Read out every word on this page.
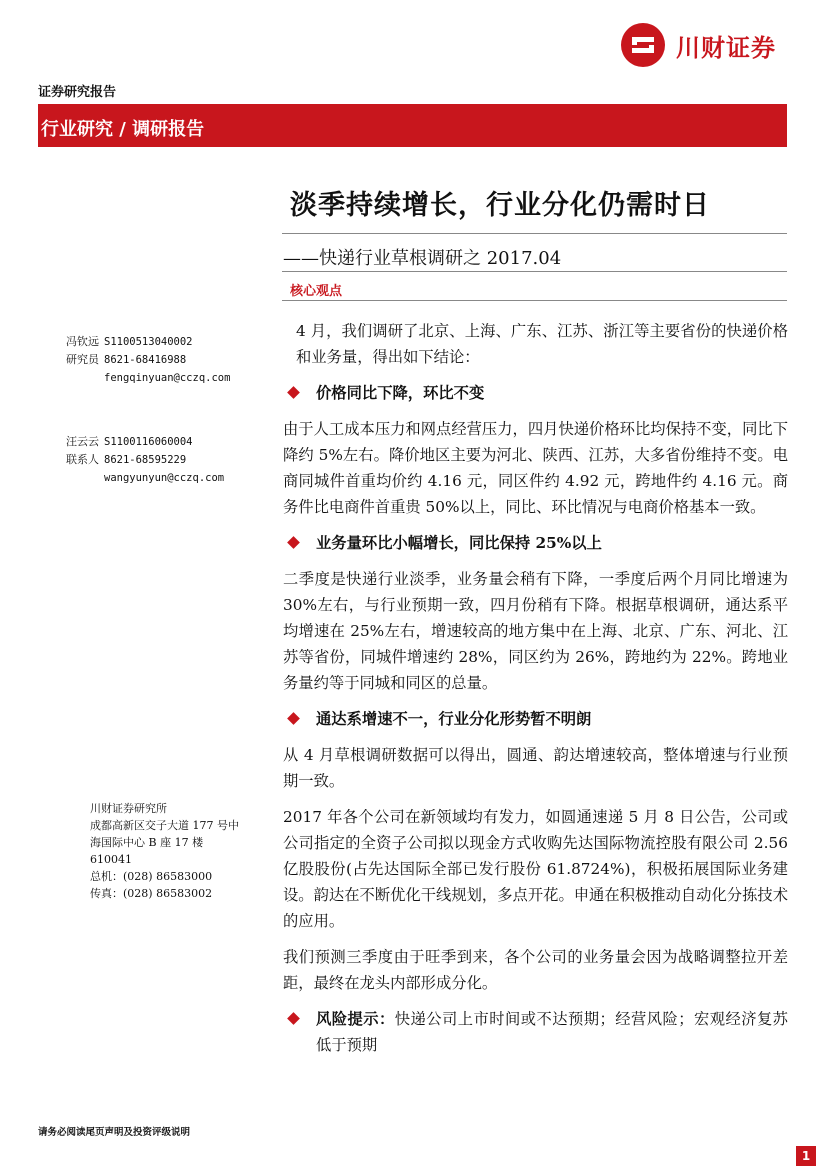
川财证券
证券研究报告
行业研究 / 调研报告
淡季持续增长，行业分化仍需时日
——快递行业草根调研之 2017.04
核心观点
冯钦远 S1100513040002
研究员 8621-68416988
fengqinyuan@cczq.com
汪云云 S1100116060004
联系人 8621-68595229
wangyunyun@cczq.com
川财证券研究所
成都高新区交子大道 177 号中
海国际中心 B 座 17 楼
610041
总机：(028) 86583000
传真：(028) 86583002

4 月，我们调研了北京、上海、广东、江苏、浙江等主要省份的快递价格和业务量，得出如下结论：

价格同比下降，环比不变

由于人工成本压力和网点经营压力，四月快递价格环比均保持不变，同比下降约 5%左右。降价地区主要为河北、陕西、江苏，大多省份维持不变。电商同城件首重均价约 4.16 元，同区件约 4.92 元，跨地件约 4.16 元。商务件比电商件首重贵 50%以上，同比、环比情况与电商价格基本一致。

业务量环比小幅增长，同比保持 25%以上

二季度是快递行业淡季，业务量会稍有下降，一季度后两个月同比增速为 30%左右，与行业预期一致，四月份稍有下降。根据草根调研，通达系平均增速在 25%左右，增速较高的地方集中在上海、北京、广东、河北、江苏等省份，同城件增速约 28%，同区约为 26%，跨地约为 22%。跨地业务量约等于同城和同区的总量。

通达系增速不一，行业分化形势暂不明朗

从 4 月草根调研数据可以得出，圆通、韵达增速较高，整体增速与行业预期一致。

2017 年各个公司在新领域均有发力，如圆通速递 5 月 8 日公告，公司或公司指定的全资子公司拟以现金方式收购先达国际物流控股有限公司 2.56 亿股股份(占先达国际全部已发行股份 61.8724%)，积极拓展国际业务建设。韵达在不断优化干线规划，多点开花。申通在积极推动自动化分拣技术的应用。

我们预测三季度由于旺季到来，各个公司的业务量会因为战略调整拉开差距，最终在龙头内部形成分化。

风险提示：快递公司上市时间或不达预期；经营风险；宏观经济复苏低于预期
请务必阅读尾页声明及投资评级说明
1
